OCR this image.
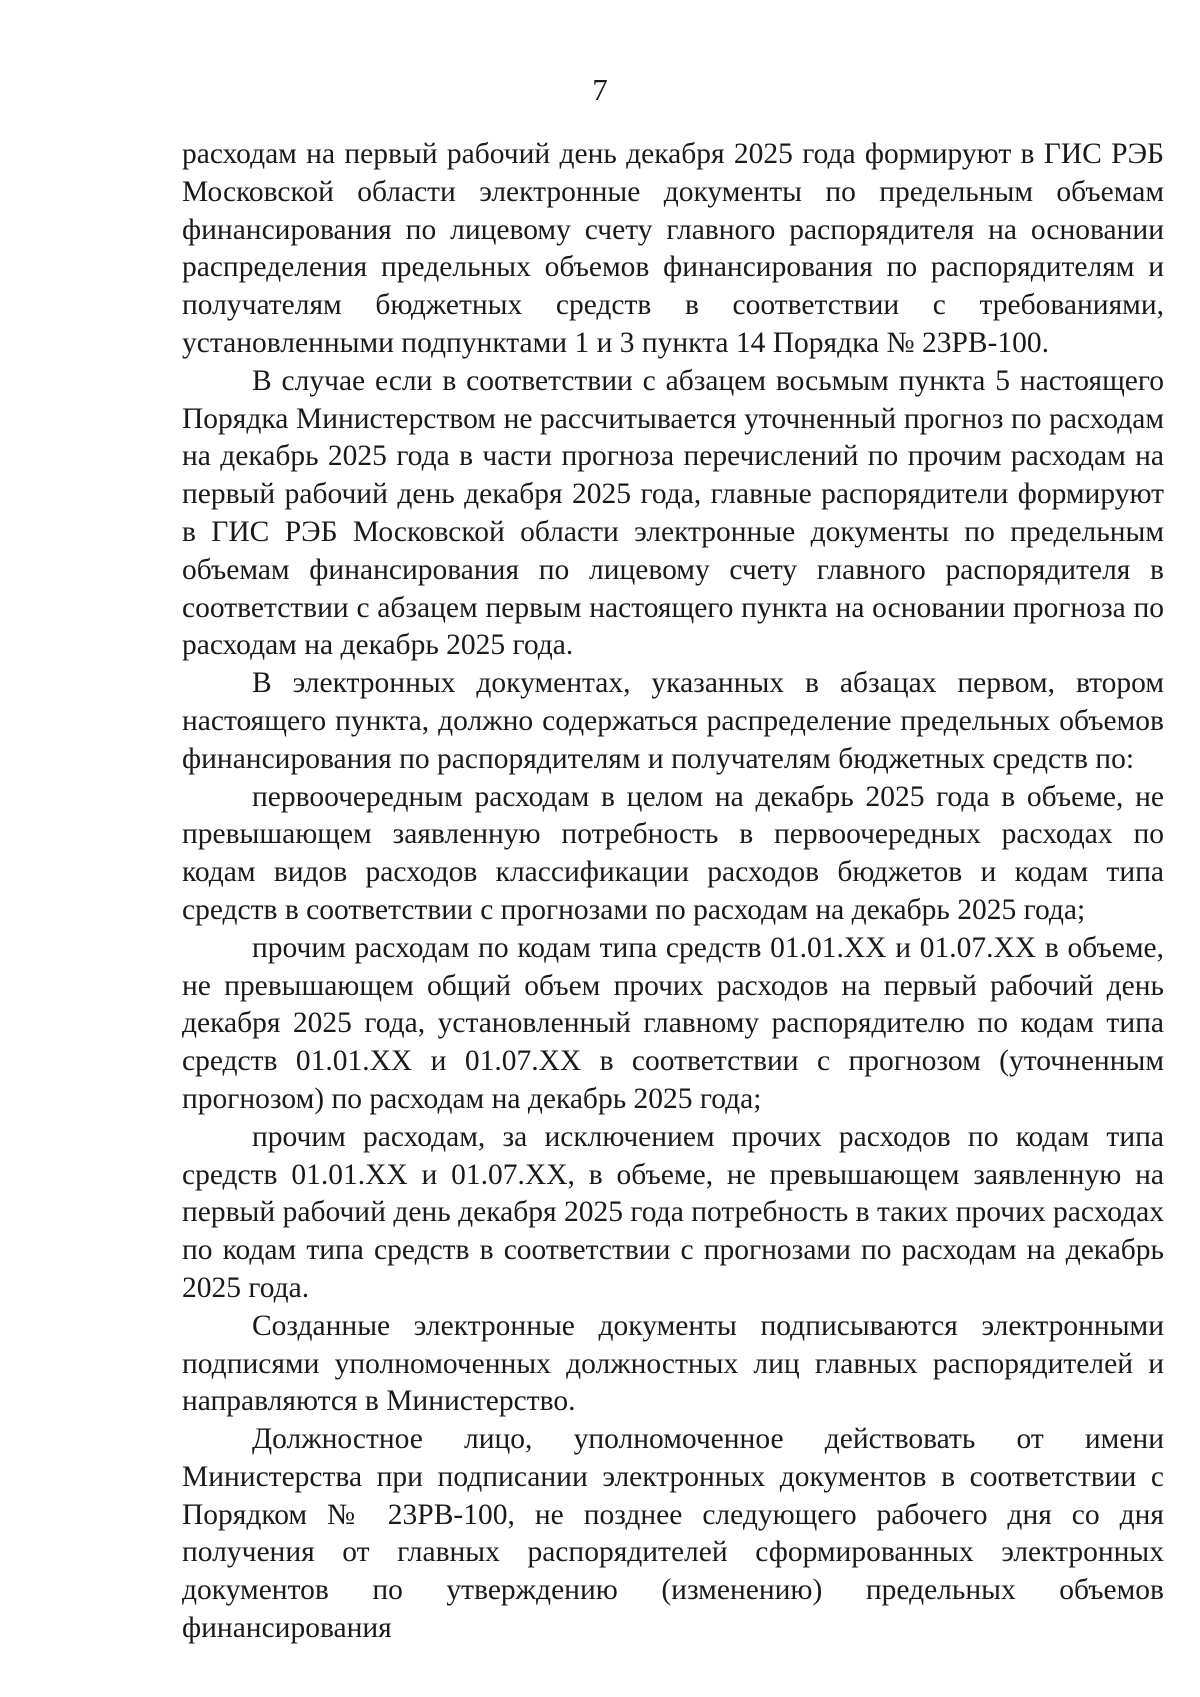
7

расходам на первый рабочий день декабря 2025 года формируют в ГИС РЭБ Московской области электронные документы по предельным объемам финансирования по лицевому счету главного распорядителя на основании распределения предельных объемов финансирования по распорядителям и получателям бюджетных средств в соответствии с требованиями, установленными подпунктами 1 и 3 пункта 14 Порядка № 23РВ-100.

В случае если в соответствии с абзацем восьмым пункта 5 настоящего Порядка Министерством не рассчитывается уточненный прогноз по расходам на декабрь 2025 года в части прогноза перечислений по прочим расходам на первый рабочий день декабря 2025 года, главные распорядители формируют в ГИС РЭБ Московской области электронные документы по предельным объемам финансирования по лицевому счету главного распорядителя в соответствии с абзацем первым настоящего пункта на основании прогноза по расходам на декабрь 2025 года.

В электронных документах, указанных в абзацах первом, втором настоящего пункта, должно содержаться распределение предельных объемов финансирования по распорядителям и получателям бюджетных средств по:

первоочередным расходам в целом на декабрь 2025 года в объеме, не превышающем заявленную потребность в первоочередных расходах по кодам видов расходов классификации расходов бюджетов и кодам типа средств в соответствии с прогнозами по расходам на декабрь 2025 года;

прочим расходам по кодам типа средств 01.01.ХХ и 01.07.ХХ в объеме, не превышающем общий объем прочих расходов на первый рабочий день декабря 2025 года, установленный главному распорядителю по кодам типа средств 01.01.ХХ и 01.07.ХХ в соответствии с прогнозом (уточненным прогнозом) по расходам на декабрь 2025 года;

прочим расходам, за исключением прочих расходов по кодам типа средств 01.01.ХХ и 01.07.ХХ, в объеме, не превышающем заявленную на первый рабочий день декабря 2025 года потребность в таких прочих расходах по кодам типа средств в соответствии с прогнозами по расходам на декабрь 2025 года.

Созданные электронные документы подписываются электронными подписями уполномоченных должностных лиц главных распорядителей и направляются в Министерство.

Должностное лицо, уполномоченное действовать от имени Министерства при подписании электронных документов в соответствии с Порядком № 23РВ-100, не позднее следующего рабочего дня со дня получения от главных распорядителей сформированных электронных документов по утверждению (изменению) предельных объемов финансирования
